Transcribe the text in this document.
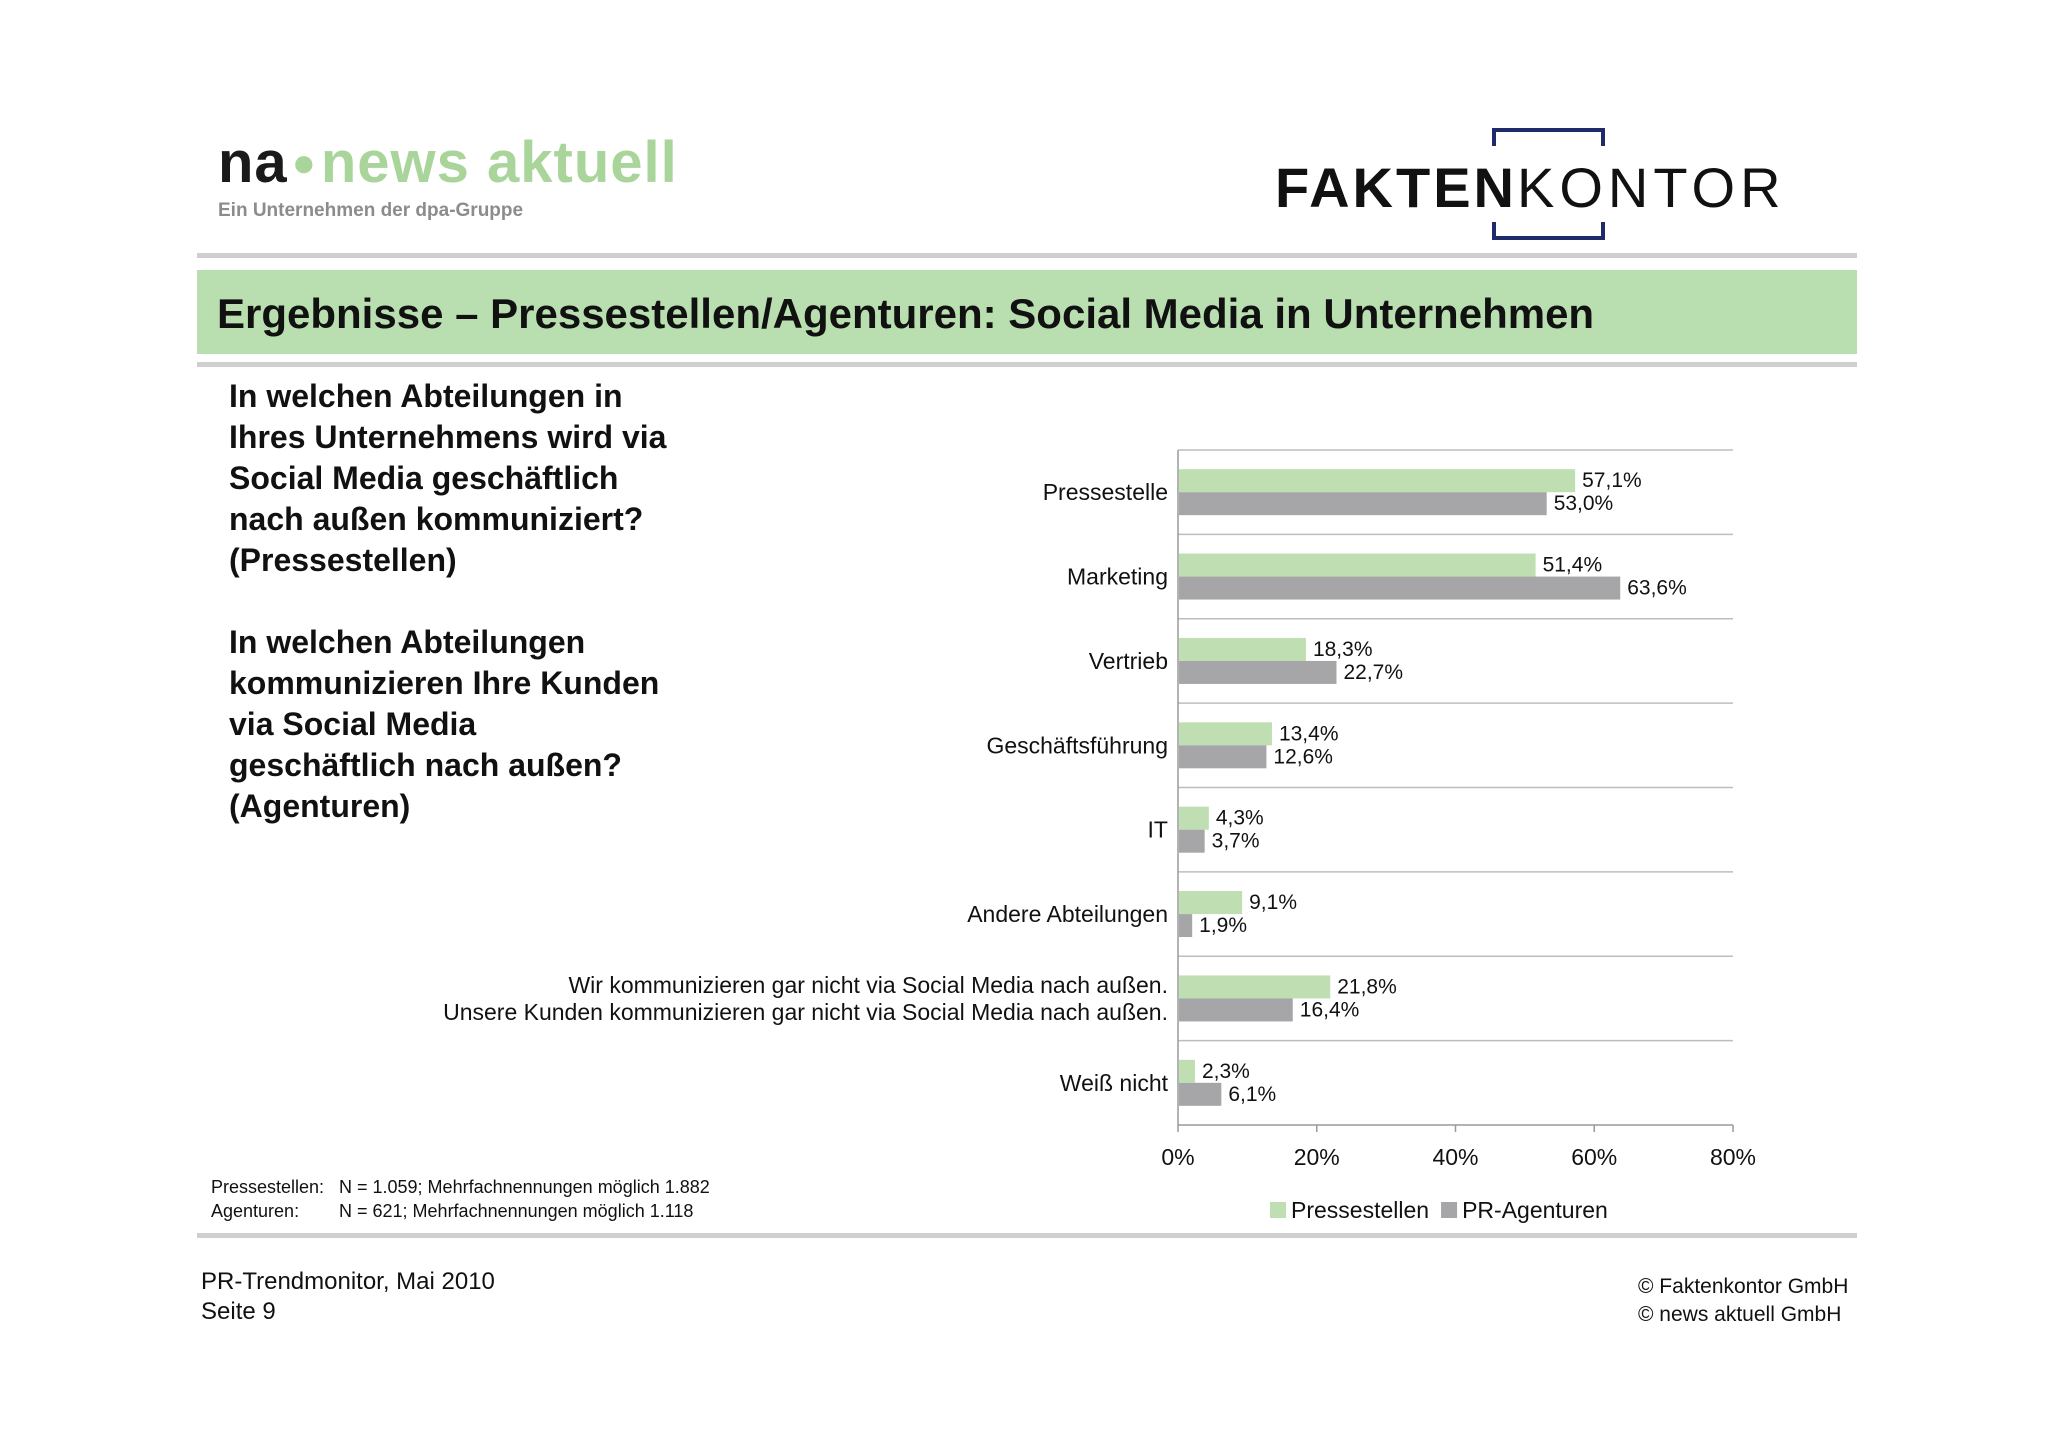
na ●news aktuell
Ein Unternehmen der dpa-Gruppe	FAKTENKONTOR
Ergebnisse – Pressestellen/Agenturen: Social Media in Unternehmen
In welchen Abteilungen in
Ihres Unternehmens wird via
Social Media geschäftlich
nach außen kommuniziert?
(Pressestellen)
In welchen Abteilungen
kommunizieren Ihre Kunden
via Social Media
geschäftlich nach außen?
(Agenturen)
0%	20%	40%	60%	80%
Pressestelle	57,1%
53,0%
Marketing	51,4%
63,6%
Vertrieb	18,3%
22,7%
Geschäftsführung	13,4%
12,6%
IT 4,3%
3,7%
Andere Abteilungen	9,1%
1,9%
Wir kommunizieren gar nicht via Social Media nach außen.
Unsere Kunden kommunizieren gar nicht via Social Media nach außen.
21,8%
16,4%
Weiß nicht 2,3%
6,1%
Pressestellen PR-Agenturen
Pressestellen: N = 1.059; Mehrfachnennungen möglich 1.882
Agenturen: N = 621; Mehrfachnennungen möglich 1.118
PR-Trendmonitor, Mai 2010
Seite 9
© Faktenkontor GmbH
© news aktuell GmbH
